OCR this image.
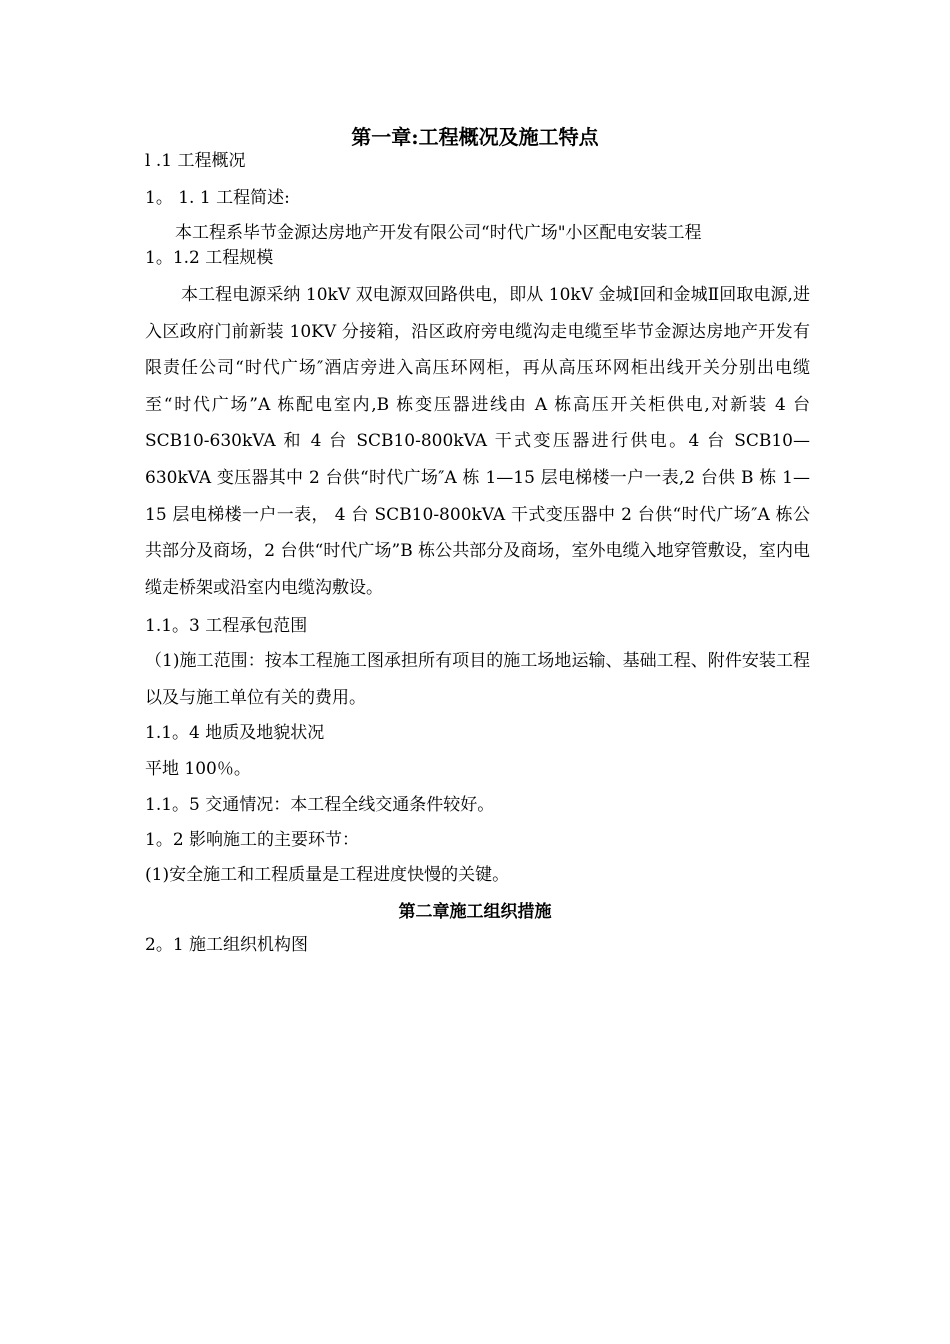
第一章:工程概况及施工特点
l .1 工程概况
1。 1. 1 工程简述:
本工程系毕节金源达房地产开发有限公司“时代广场"小区配电安装工程
1。1.2 工程规模
本工程电源采纳 10kV 双电源双回路供电，即从 10kV 金城Ⅰ回和金城Ⅱ回取电源,进入区政府门前新装 10KV 分接箱，沿区政府旁电缆沟走电缆至毕节金源达房地产开发有限责任公司“时代广场″酒店旁进入高压环网柜，再从高压环网柜出线开关分别出电缆至“时代广场”A 栋配电室内,B 栋变压器进线由 A 栋高压开关柜供电,对新装 4 台 SCB10-630kVA 和 4 台 SCB10-800kVA 干式变压器进行供电。4 台 SCB10—630kVA 变压器其中 2 台供“时代广场″A 栋 1—15 层电梯楼一户一表,2 台供 B 栋 1—15 层电梯楼一户一表， 4 台 SCB10-800kVA 干式变压器中 2 台供“时代广场″A 栋公共部分及商场，2 台供“时代广场”B 栋公共部分及商场，室外电缆入地穿管敷设，室内电缆走桥架或沿室内电缆沟敷设。
1.1。3 工程承包范围
（1)施工范围：按本工程施工图承担所有项目的施工场地运输、基础工程、附件安装工程以及与施工单位有关的费用。
1.1。4 地质及地貌状况
平地 100％。
1.1。5 交通情况：本工程全线交通条件较好。
1。2 影响施工的主要环节：
(1)安全施工和工程质量是工程进度快慢的关键。
第二章施工组织措施
2。1 施工组织机构图
